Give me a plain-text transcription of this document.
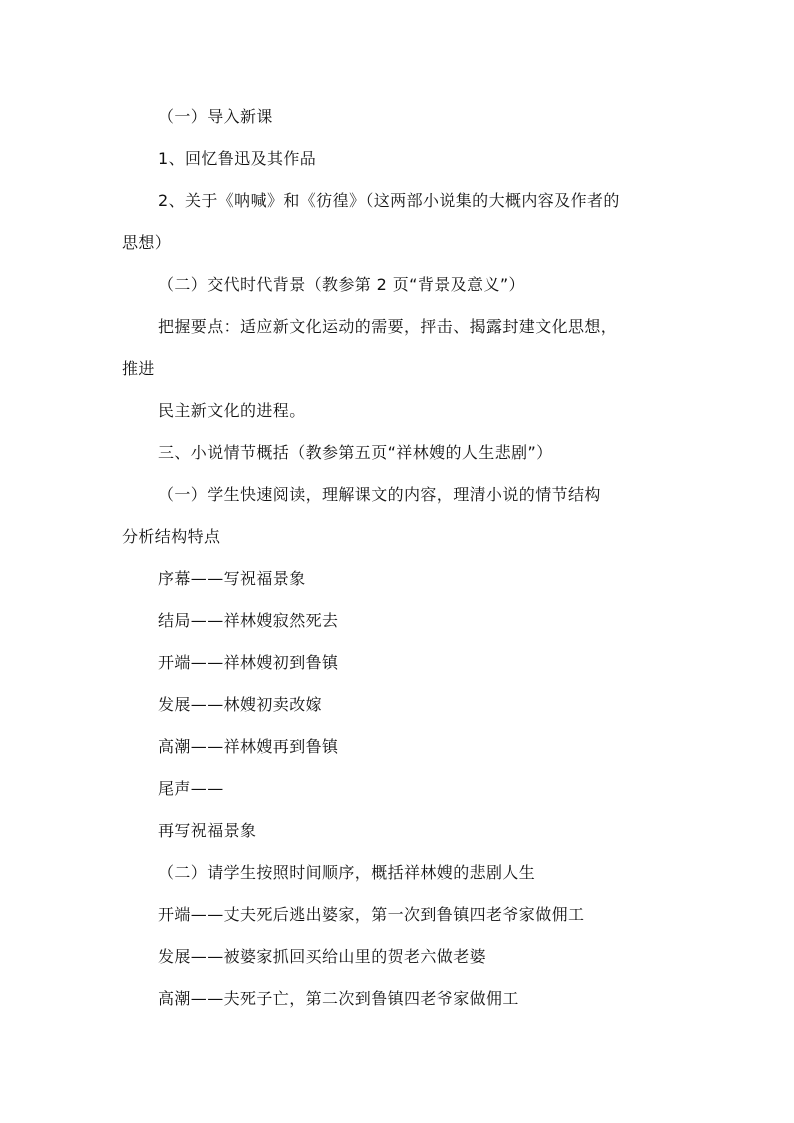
（一）导入新课
1、回忆鲁迅及其作品
2、关于《呐喊》和《彷徨》（这两部小说集的大概内容及作者的
思想）
（二）交代时代背景（教参第 2 页“背景及意义”）
把握要点：适应新文化运动的需要，抨击、揭露封建文化思想，
推进
民主新文化的进程。
三、小说情节概括（教参第五页“祥林嫂的人生悲剧”）
（一）学生快速阅读，理解课文的内容，理清小说的情节结构
分析结构特点
序幕——写祝福景象
结局——祥林嫂寂然死去
开端——祥林嫂初到鲁镇
发展——林嫂初卖改嫁
高潮——祥林嫂再到鲁镇
尾声——
再写祝福景象
（二）请学生按照时间顺序，概括祥林嫂的悲剧人生
开端——丈夫死后逃出婆家，第一次到鲁镇四老爷家做佣工
发展——被婆家抓回买给山里的贺老六做老婆
高潮——夫死子亡，第二次到鲁镇四老爷家做佣工
